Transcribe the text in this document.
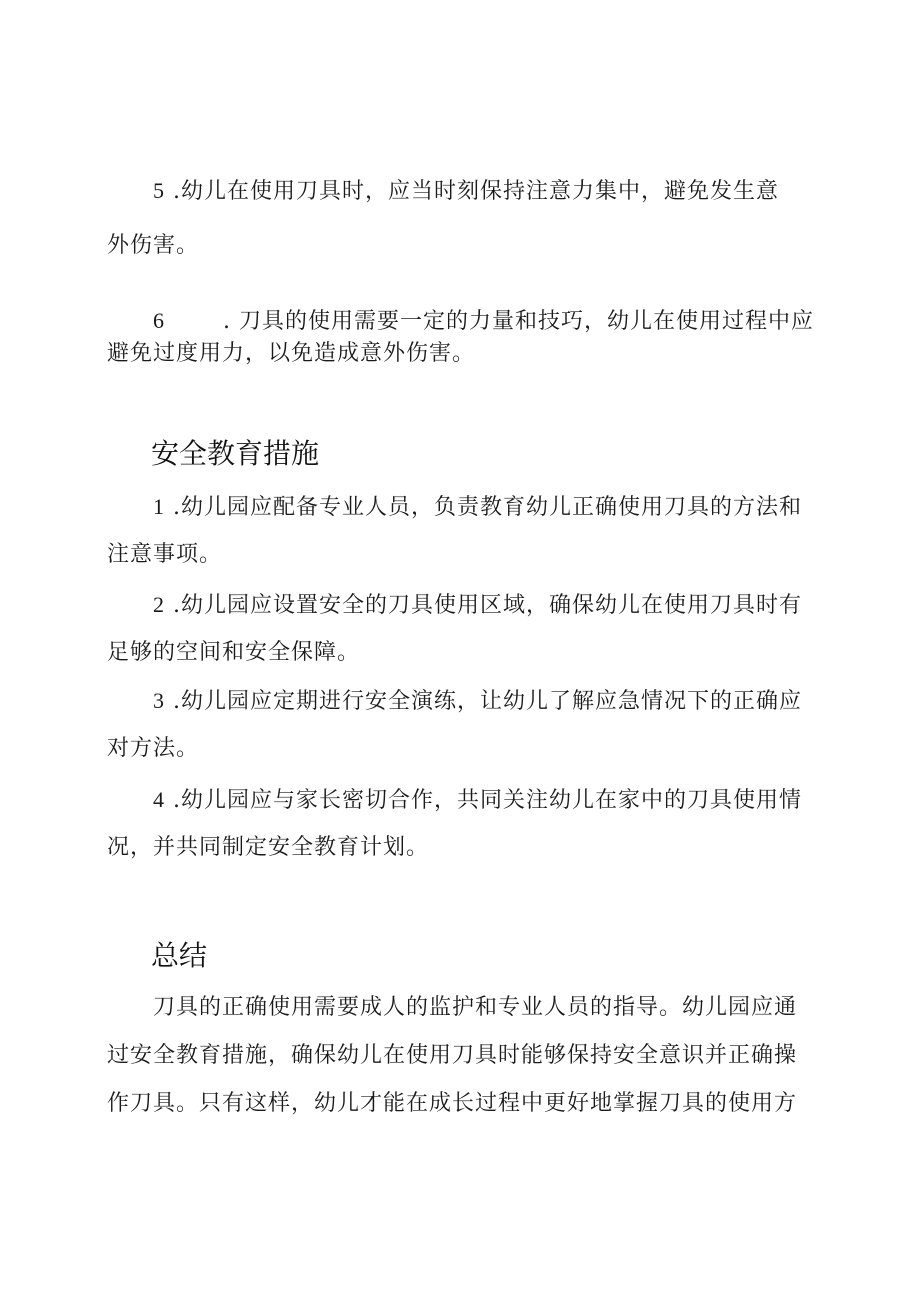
5 .幼儿在使用刀具时，应当时刻保持注意力集中，避免发生意
外伤害。
6	. 刀具的使用需要一定的力量和技巧，幼儿在使用过程中应
避免过度用力，以免造成意外伤害。
安全教育措施
1 .幼儿园应配备专业人员，负责教育幼儿正确使用刀具的方法和
注意事项。
2 .幼儿园应设置安全的刀具使用区域，确保幼儿在使用刀具时有
足够的空间和安全保障。
3 .幼儿园应定期进行安全演练，让幼儿了解应急情况下的正确应
对方法。
4 .幼儿园应与家长密切合作，共同关注幼儿在家中的刀具使用情
况，并共同制定安全教育计划。
总结
刀具的正确使用需要成人的监护和专业人员的指导。幼儿园应通
过安全教育措施，确保幼儿在使用刀具时能够保持安全意识并正确操
作刀具。只有这样，幼儿才能在成长过程中更好地掌握刀具的使用方
